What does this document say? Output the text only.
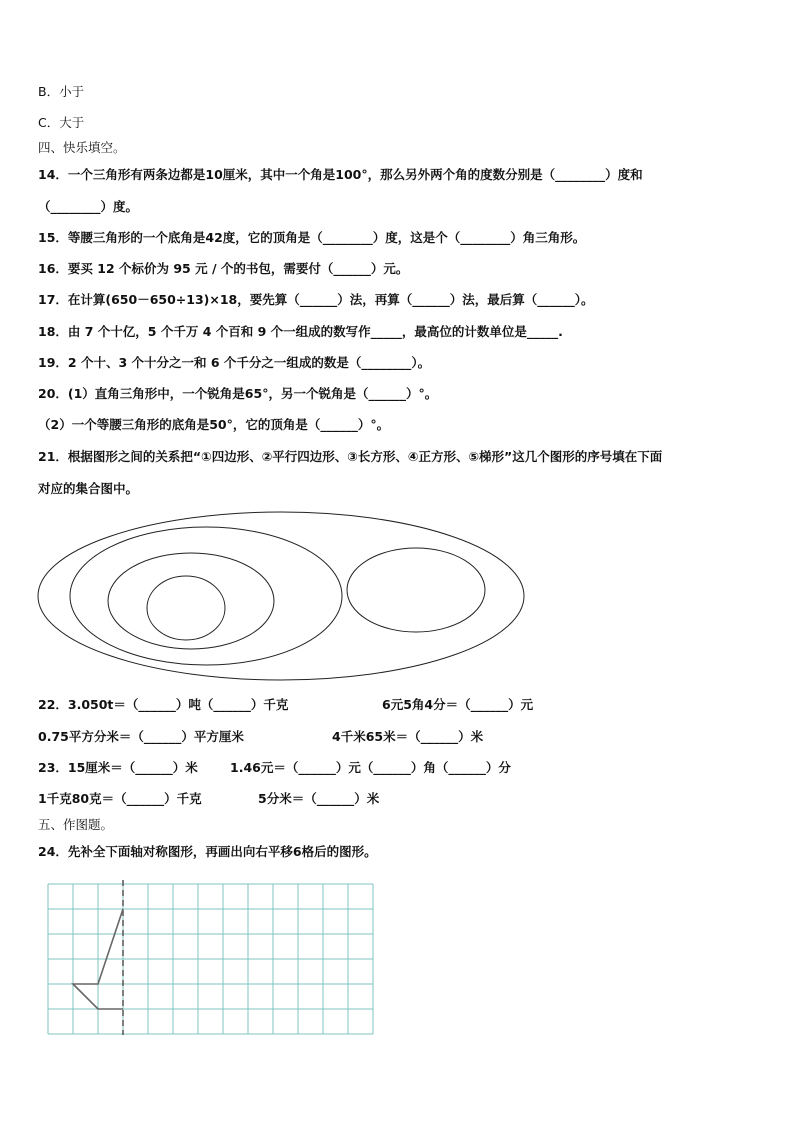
B．小于
C．大于
四、快乐填空。
14．一个三角形有两条边都是10厘米，其中一个角是100°，那么另外两个角的度数分别是（________）度和
（________）度。
15．等腰三角形的一个底角是42度，它的顶角是（________）度，这是个（________）角三角形。
16．要买 12 个标价为 95 元 / 个的书包，需要付（______）元。
17．在计算(650－650÷13)×18，要先算（______）法，再算（______）法，最后算（______）。
18．由 7 个十亿，5 个千万 4 个百和 9 个一组成的数写作_____，最高位的计数单位是_____.
19．2 个十、3 个十分之一和 6 个千分之一组成的数是（________）。
20．(1）直角三角形中，一个锐角是65°，另一个锐角是（______）°。
（2）一个等腰三角形的底角是50°，它的顶角是（______）°。
21．根据图形之间的关系把“①四边形、②平行四边形、③长方形、④正方形、⑤梯形”这几个图形的序号填在下面
对应的集合图中。
22．3.050t＝（______）吨（______）千克	6元5角4分＝（______）元
0.75平方分米＝（______）平方厘米	4千米65米＝（______）米
23．15厘米＝（______）米	1.46元＝（______）元（______）角（______）分
1千克80克＝（______）千克	5分米＝（______）米
五、作图题。
24．先补全下面轴对称图形，再画出向右平移6格后的图形。
